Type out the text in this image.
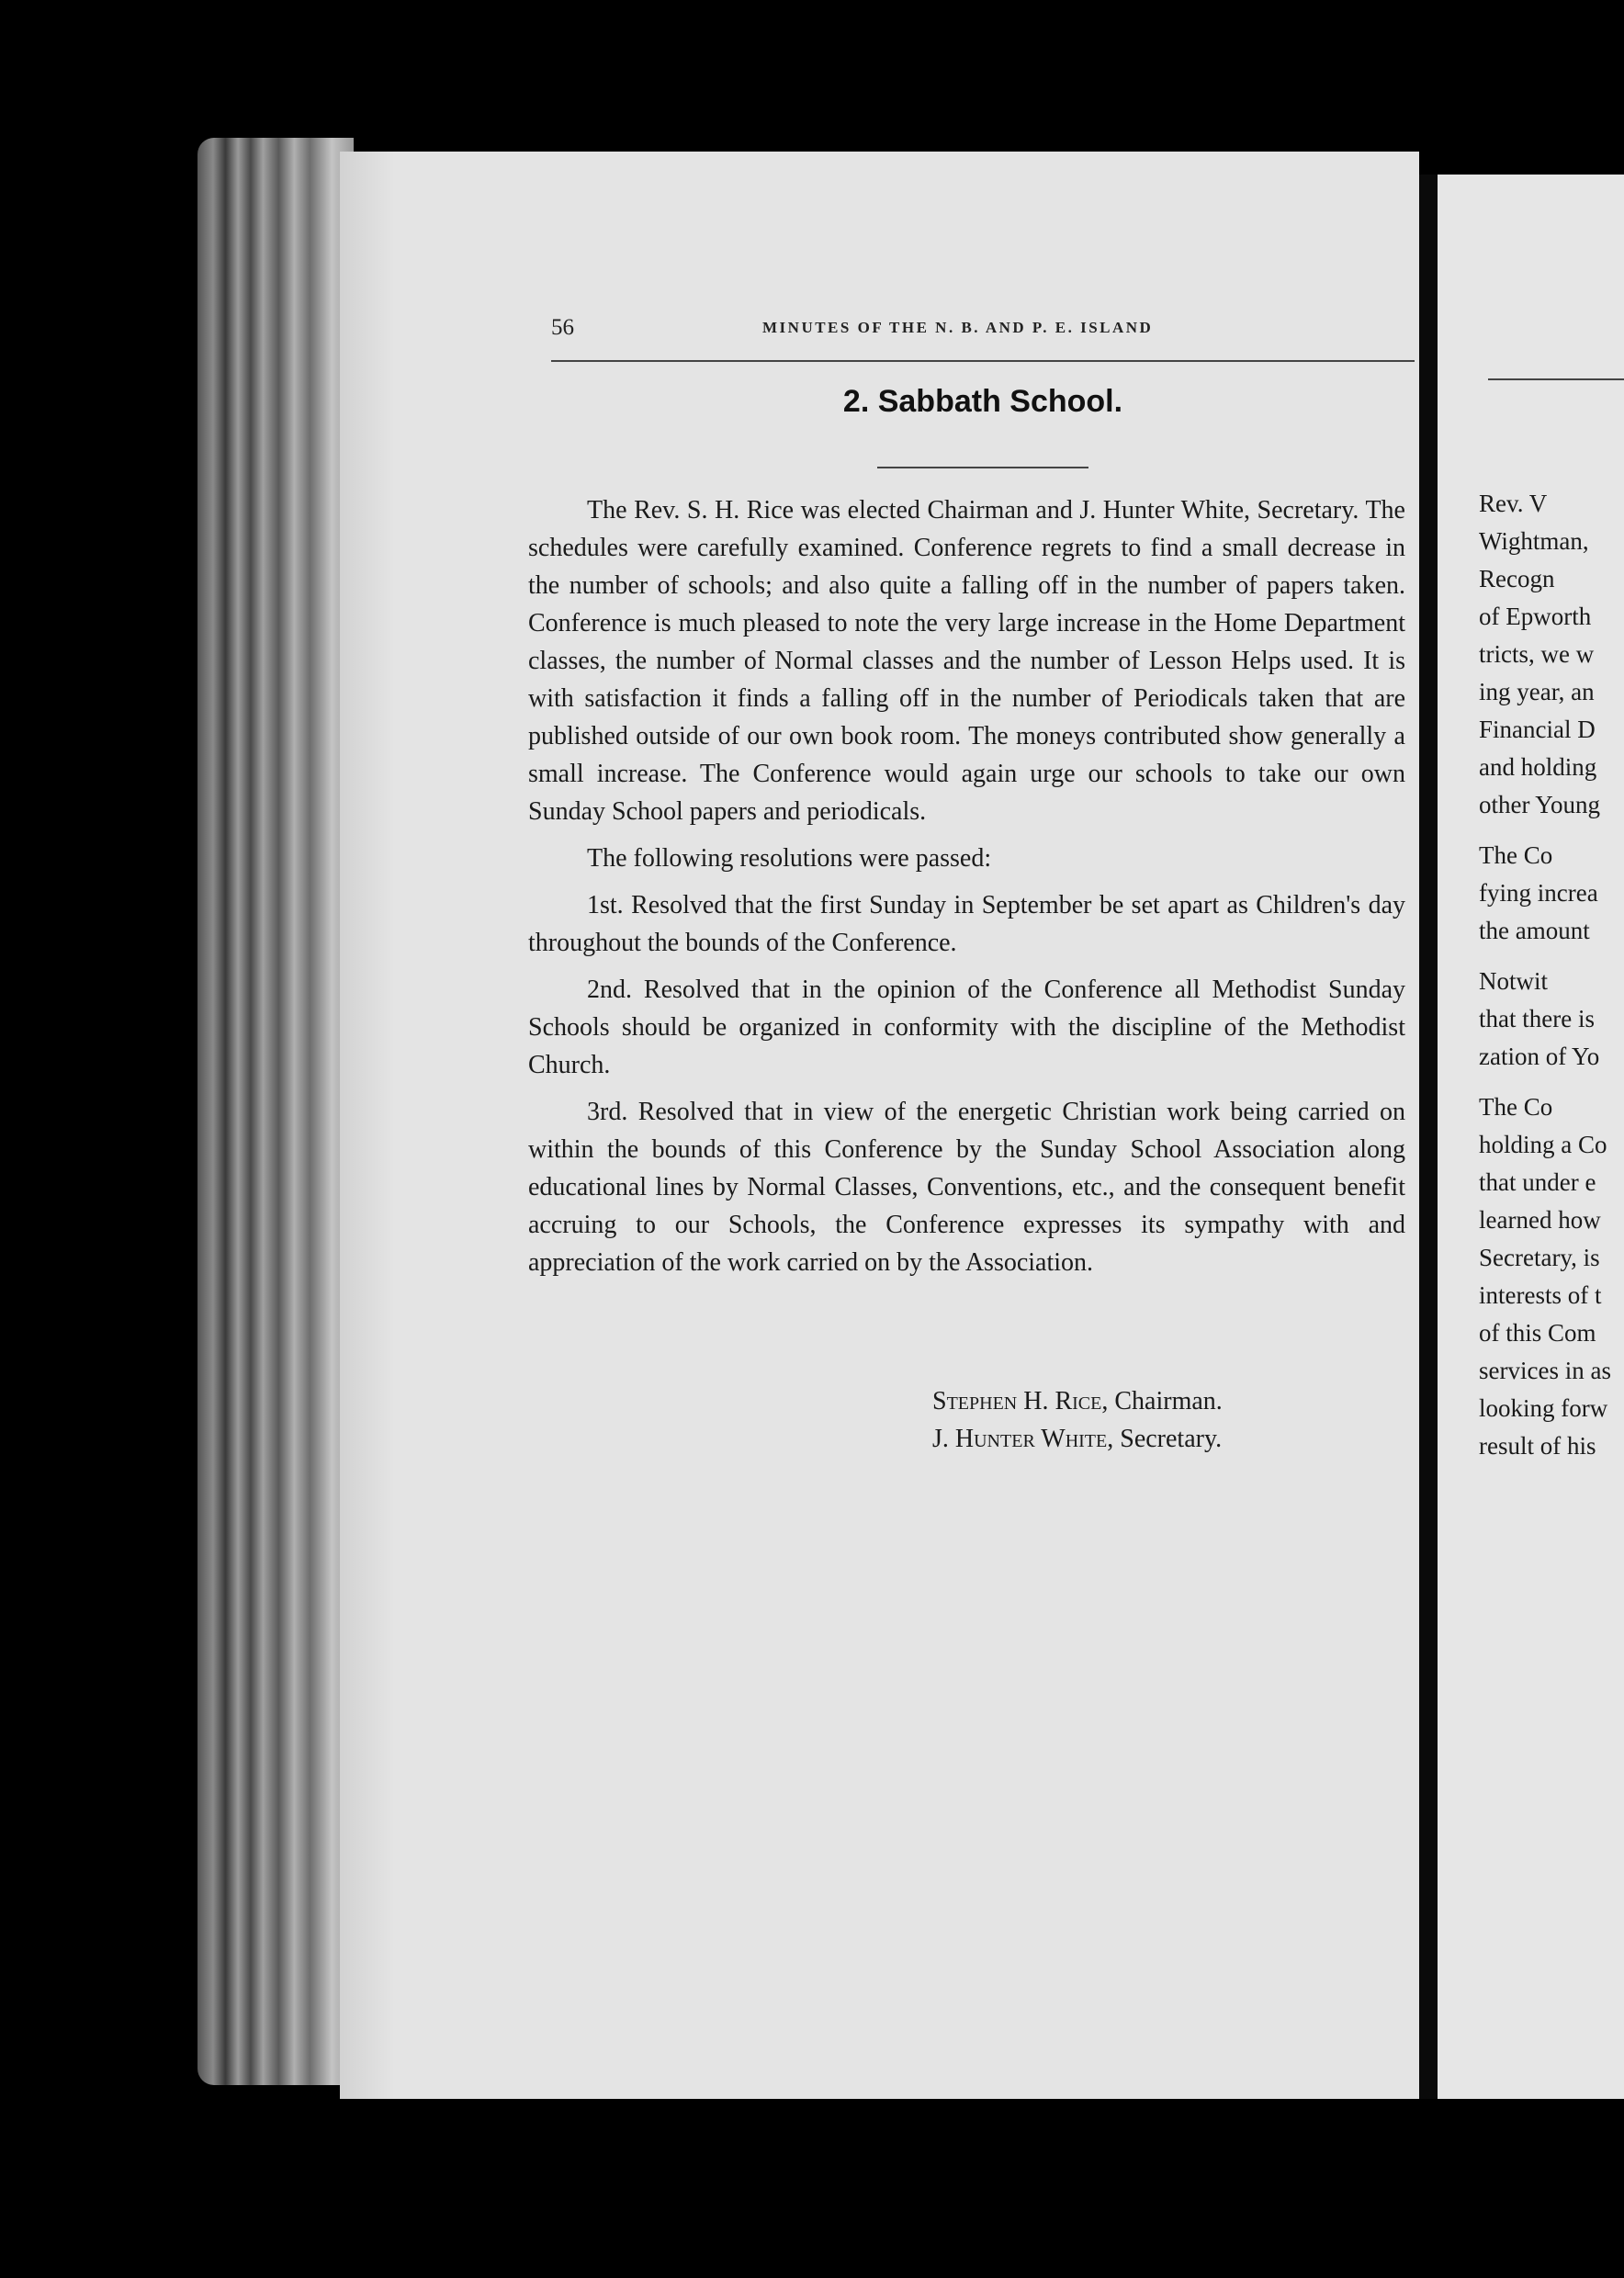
56	MINUTES OF THE N. B. AND P. E. ISLAND
2. Sabbath School.

The Rev. S. H. Rice was elected Chairman and J. Hunter White, Secretary. The schedules were carefully examined. Conference regrets to find a small decrease in the number of schools; and also quite a falling off in the number of papers taken. Conference is much pleased to note the very large increase in the Home Department classes, the number of Normal classes and the number of Lesson Helps used. It is with satisfaction it finds a falling off in the number of Periodicals taken that are published outside of our own book room. The moneys contributed show generally a small increase. The Conference would again urge our schools to take our own Sunday School papers and periodicals.

The following resolutions were passed:

1st. Resolved that the first Sunday in September be set apart as Children's day throughout the bounds of the Conference.

2nd. Resolved that in the opinion of the Conference all Methodist Sunday Schools should be organized in conformity with the discipline of the Methodist Church.

3rd. Resolved that in view of the energetic Christian work being carried on within the bounds of this Conference by the Sunday School Association along educational lines by Normal Classes, Conventions, etc., and the consequent benefit accruing to our Schools, the Conference expresses its sympathy with and appreciation of the work carried on by the Association.

Stephen H. Rice, Chairman.
J. Hunter White, Secretary.
Rev. V
Wightman,
Recogn
of Epworth
tricts, we w
ing year, an
Financial D
and holding
other Young
The Co
fying increa
the amount
Notwit
that there is
zation of Yo
The Co
holding a Co
that under e
learned how
Secretary, is
interests of t
of this Com
services in as
looking forw
result of his
